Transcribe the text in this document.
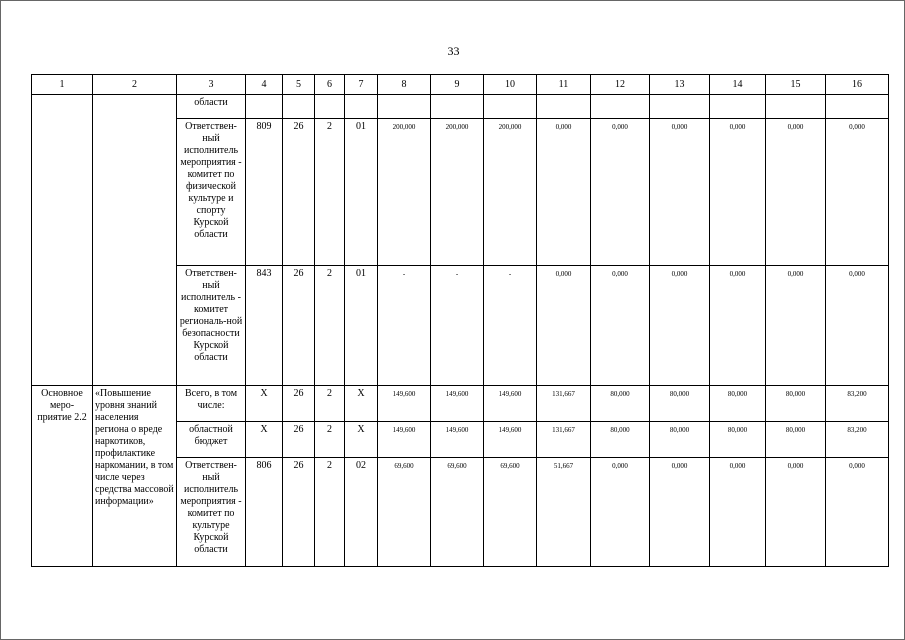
33
1	2	3	4	5	6	7	8	9	10	11	12	13	14	15	16
		области													
		Ответствен-ный исполнитель мероприятия - комитет по физической культуре и спорту Курской области	809	26	2	01	200,000	200,000	200,000	0,000	0,000	0,000	0,000	0,000	0,000
		Ответствен-ный исполнитель - комитет региональ-ной безопасности Курской области	843	26	2	01	-	-	-	0,000	0,000	0,000	0,000	0,000	0,000
Основное меро-приятие 2.2	«Повышение уровня знаний населения региона о вреде наркотиков, профилактике наркомании, в том числе через средства массовой информации»	Всего, в том числе:	Х	26	2	Х	149,600	149,600	149,600	131,667	80,000	80,000	80,000	80,000	83,200
		областной бюджет	Х	26	2	Х	149,600	149,600	149,600	131,667	80,000	80,000	80,000	80,000	83,200
		Ответствен-ный исполнитель мероприятия - комитет по культуре Курской области	806	26	2	02	69,600	69,600	69,600	51,667	0,000	0,000	0,000	0,000	0,000
